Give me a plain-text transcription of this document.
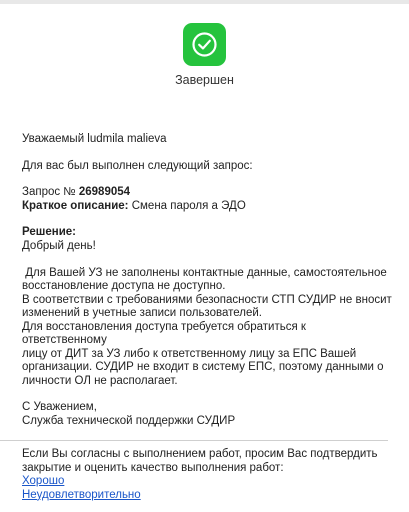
Завершен

Уважаемый ludmila malieva

Для вас был выполнен следующий запрос:

Запрос № 26989054

Краткое описание: Смена пароля а ЭДО

Решение:

Добрый день!

Для Вашей УЗ не заполнены контактные данные, самостоятельное

восстановление доступа не доступно.

В соответствии с требованиями безопасности СТП СУДИР не вносит

изменений в учетные записи пользователей.

Для восстановления доступа требуется обратиться к ответственному

лицу от ДИТ за УЗ либо к ответственному лицу за ЕПС Вашей

организации. СУДИР не входит в систему ЕПС, поэтому данными о

личности ОЛ не располагает.

С Уважением,

Служба технической поддержки СУДИР

Если Вы согласны с выполнением работ, просим Вас подтвердить

закрытие и оценить качество выполнения работ:

Хорошо

Неудовлетворительно
